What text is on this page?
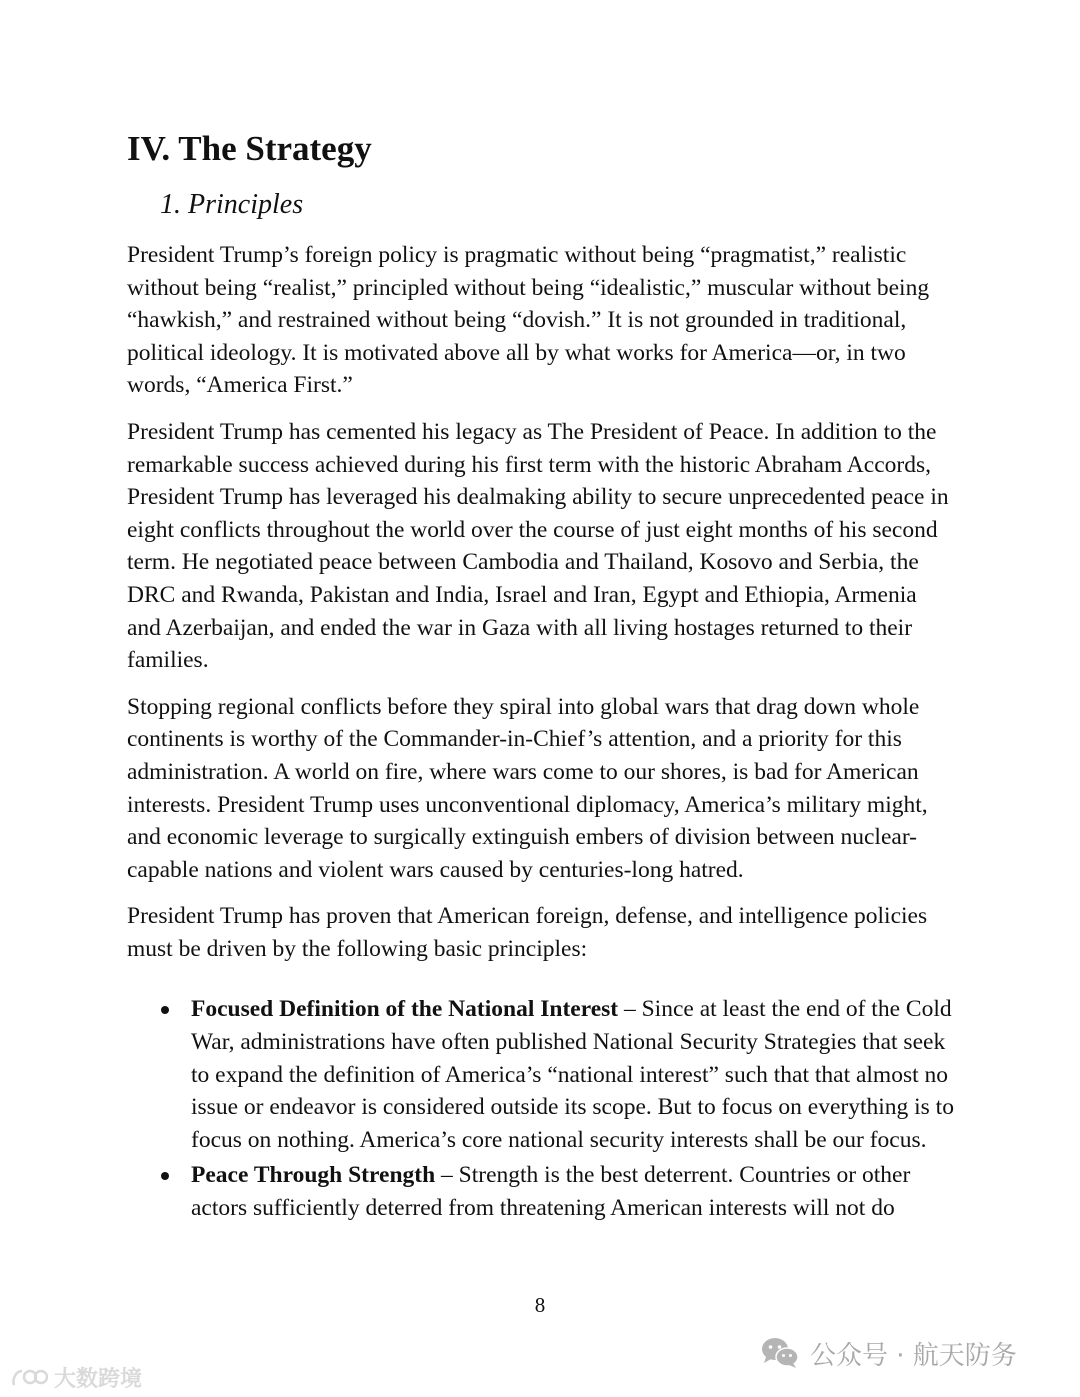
IV. The Strategy
1. Principles

President Trump’s foreign policy is pragmatic without being “pragmatist,” realistic without being “realist,” principled without being “idealistic,” muscular without being “hawkish,” and restrained without being “dovish.” It is not grounded in traditional, political ideology. It is motivated above all by what works for America—or, in two words, “America First.”

President Trump has cemented his legacy as The President of Peace. In addition to the remarkable success achieved during his first term with the historic Abraham Accords, President Trump has leveraged his dealmaking ability to secure unprecedented peace in eight conflicts throughout the world over the course of just eight months of his second term. He negotiated peace between Cambodia and Thailand, Kosovo and Serbia, the DRC and Rwanda, Pakistan and India, Israel and Iran, Egypt and Ethiopia, Armenia and Azerbaijan, and ended the war in Gaza with all living hostages returned to their families.

Stopping regional conflicts before they spiral into global wars that drag down whole continents is worthy of the Commander-in-Chief’s attention, and a priority for this administration. A world on fire, where wars come to our shores, is bad for American interests. President Trump uses unconventional diplomacy, America’s military might, and economic leverage to surgically extinguish embers of division between nuclear-capable nations and violent wars caused by centuries-long hatred.

President Trump has proven that American foreign, defense, and intelligence policies must be driven by the following basic principles:

Focused Definition of the National Interest – Since at least the end of the Cold War, administrations have often published National Security Strategies that seek to expand the definition of America’s “national interest” such that that almost no issue or endeavor is considered outside its scope. But to focus on everything is to focus on nothing. America’s core national security interests shall be our focus.
Peace Through Strength – Strength is the best deterrent. Countries or other actors sufficiently deterred from threatening American interests will not do
8
大数跨境
公众号 · 航天防务
